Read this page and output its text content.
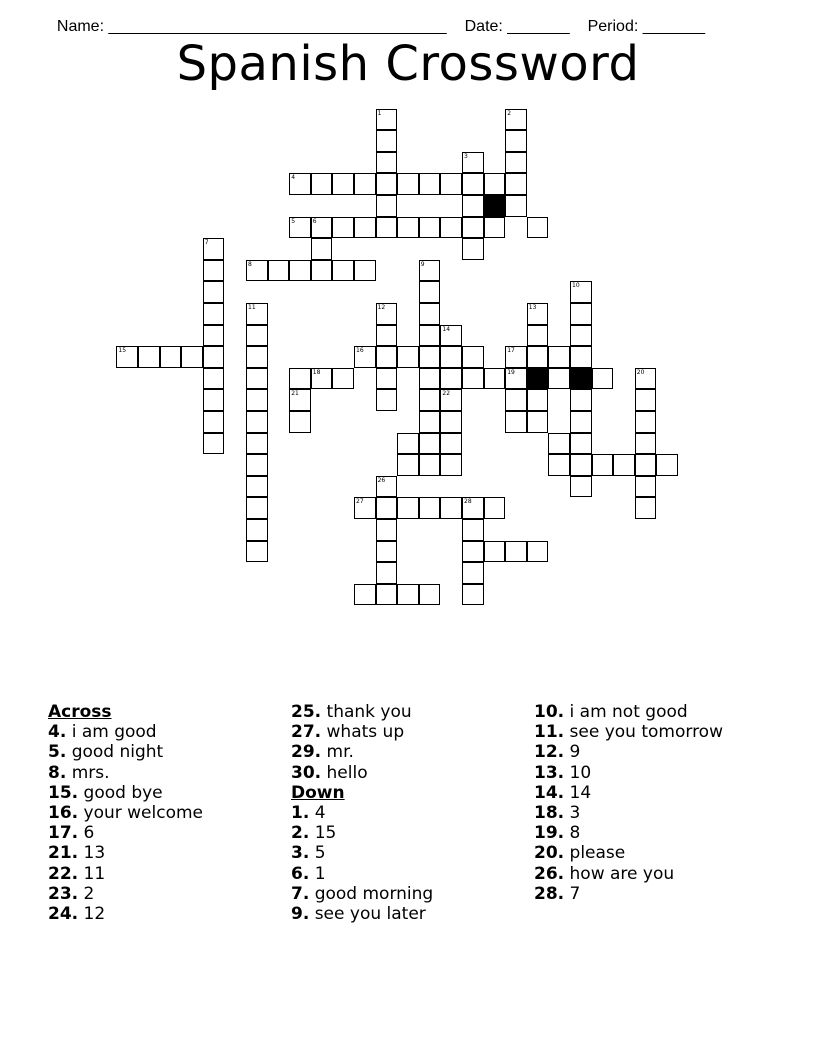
Name: ______________________________________ Date: _______ Period: _______

Spanish Crossword
1	2
3
4
5	6
8
7
15
11
9
10
12	13
14
22
16	17
21
18	19	20
26
27	28
Across
4. i am good
5. good night
8. mrs.
15. good bye
16. your welcome
17. 6
21. 13
22. 11
23. 2
24. 12
25. thank you
27. whats up
29. mr.
30. hello
Down
1. 4
2. 15
3. 5
6. 1
7. good morning
9. see you later
10. i am not good
11. see you tomorrow
12. 9
13. 10
14. 14
18. 3
19. 8
20. please
26. how are you
28. 7
